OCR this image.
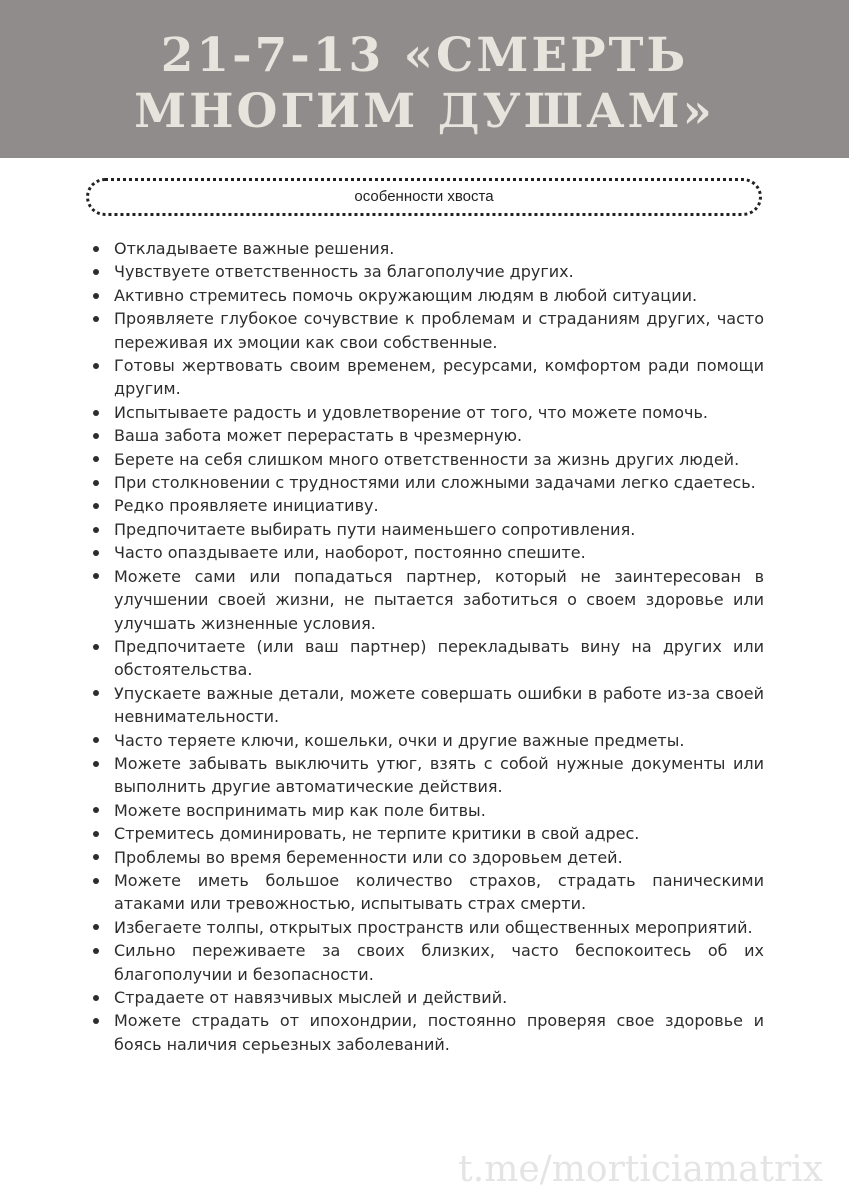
21-7-13 «СМЕРТЬ
МНОГИМ ДУШАМ»
особенности хвоста
Откладываете важные решения.
Чувствуете ответственность за благополучие других.
Активно стремитесь помочь окружающим людям в любой ситуации.
Проявляете глубокое сочувствие к проблемам и страданиям других, часто переживая их эмоции как свои собственные.
Готовы жертвовать своим временем, ресурсами, комфортом ради помощи другим.
Испытываете радость и удовлетворение от того, что можете помочь.
Ваша забота может перерастать в чрезмерную.
Берете на себя слишком много ответственности за жизнь других людей.
При столкновении с трудностями или сложными задачами легко сдаетесь.
Редко проявляете инициативу.
Предпочитаете выбирать пути наименьшего сопротивления.
Часто опаздываете или, наоборот, постоянно спешите.
Можете сами или попадаться партнер, который не заинтересован в улучшении своей жизни, не пытается заботиться о своем здоровье или улучшать жизненные условия.
Предпочитаете (или ваш партнер) перекладывать вину на других или обстоятельства.
Упускаете важные детали, можете совершать ошибки в работе из-за своей невнимательности.
Часто теряете ключи, кошельки, очки и другие важные предметы.
Можете забывать выключить утюг, взять с собой нужные документы или выполнить другие автоматические действия.
Можете воспринимать мир как поле битвы.
Стремитесь доминировать, не терпите критики в свой адрес.
Проблемы во время беременности или со здоровьем детей.
Можете иметь большое количество страхов, страдать паническими атаками или тревожностью, испытывать страх смерти.
Избегаете толпы, открытых пространств или общественных мероприятий.
Сильно переживаете за своих близких, часто беспокоитесь об их благополучии и безопасности.
Страдаете от навязчивых мыслей и действий.
Можете страдать от ипохондрии, постоянно проверяя свое здоровье и боясь наличия серьезных заболеваний.
t.me/morticiamatrix
